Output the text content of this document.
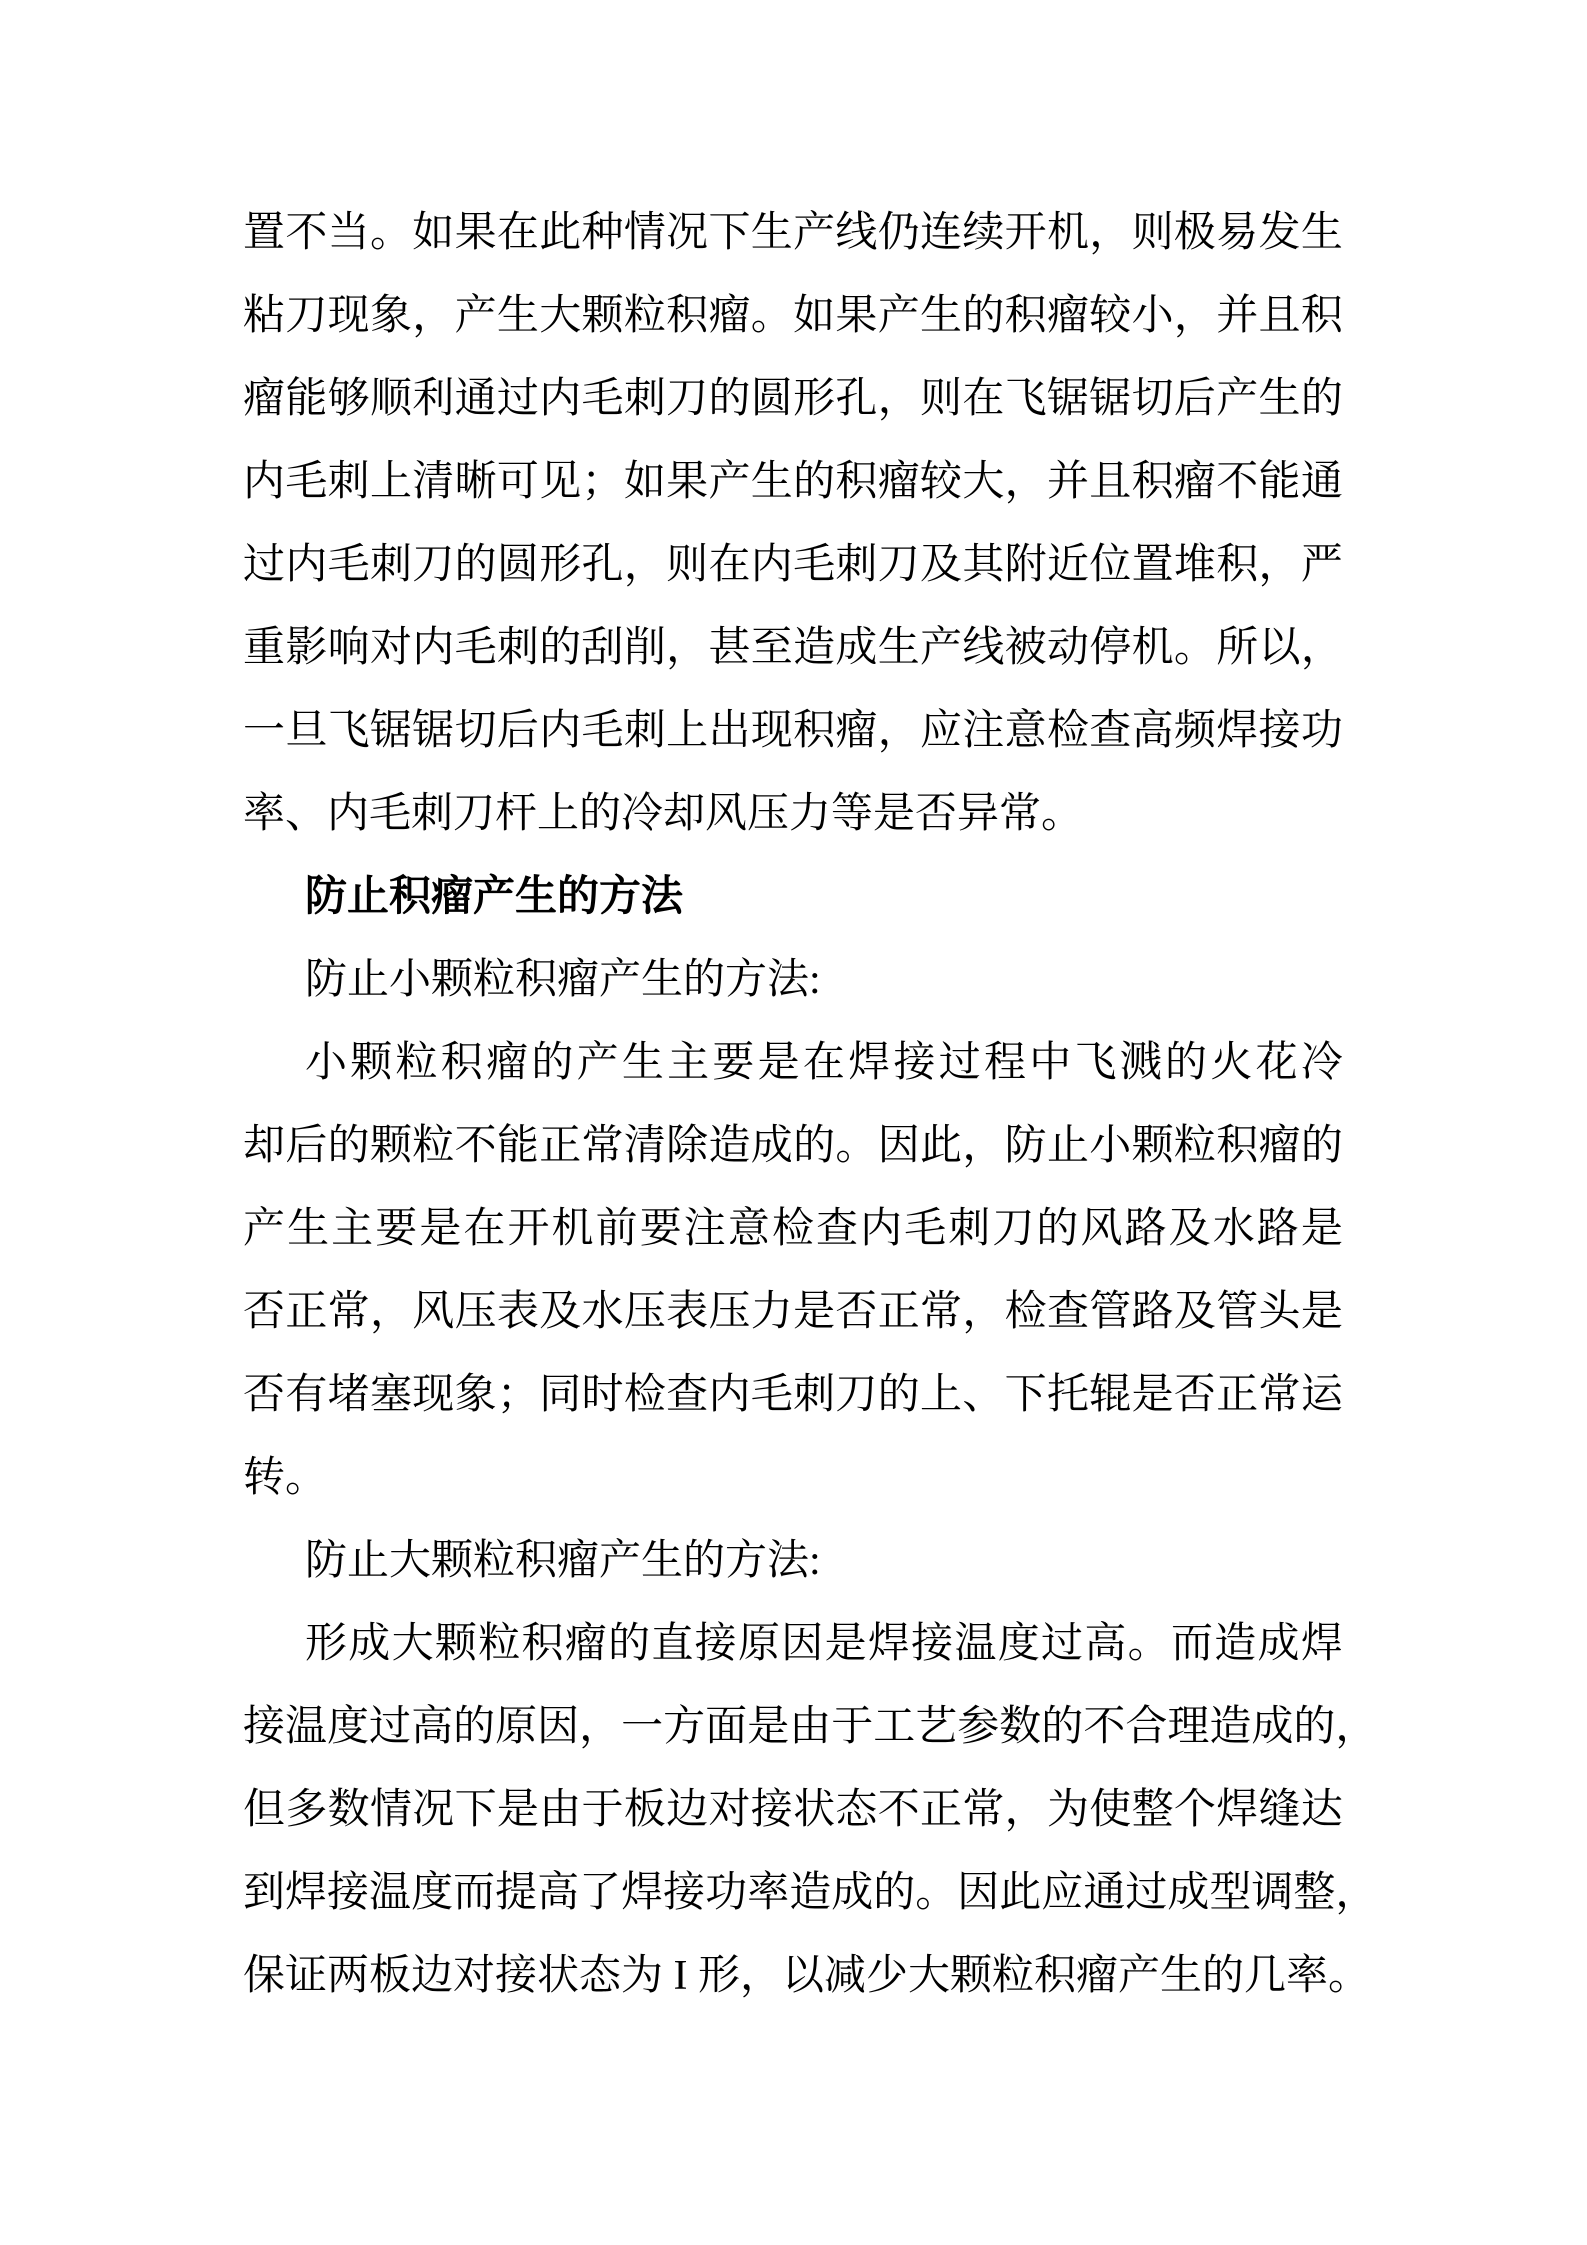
置 不 当 。 如 果 在 此 种 情 况 下 生 产 线 仍 连 续 开 机 ， 则 极 易 发 生
粘 刀 现 象 ， 产 生 大 颗 粒 积 瘤 。 如 果 产 生 的 积 瘤 较 小 ， 并 且 积
瘤 能 够 顺 利 通 过 内 毛 刺 刀 的 圆 形 孔 ， 则 在 飞 锯 锯 切 后 产 生 的
内 毛 刺 上 清 晰 可 见 ； 如 果 产 生 的 积 瘤 较 大 ， 并 且 积 瘤 不 能 通
过 内 毛 刺 刀 的 圆 形 孔 ， 则 在 内 毛 刺 刀 及 其 附 近 位 置 堆 积 ， 严
重 影 响 对 内 毛 刺 的 刮 削 ， 甚 至 造 成 生 产 线 被 动 停 机 。 所 以 ，
一 旦 飞 锯 锯 切 后 内 毛 刺 上 出 现 积 瘤 ， 应 注 意 检 查 高 频 焊 接 功
率、内毛刺刀杆上的冷却风压力等是否异常。
防止积瘤产生的方法
防止小颗粒积瘤产生的方法:
小 颗 粒 积 瘤 的 产 生 主 要 是 在 焊 接 过 程 中 飞 溅 的 火 花 冷
却 后 的 颗 粒 不 能 正 常 清 除 造 成 的 。 因 此 ， 防 止 小 颗 粒 积 瘤 的
产 生 主 要 是 在 开 机 前 要 注 意 检 查 内 毛 刺 刀 的 风 路 及 水 路 是
否 正 常 ， 风 压 表 及 水 压 表 压 力 是 否 正 常 ， 检 查 管 路 及 管 头 是
否 有 堵 塞 现 象 ； 同 时 检 查 内 毛 刺 刀 的 上 、 下 托 辊 是 否 正 常 运
转。
防止大颗粒积瘤产生的方法:
形 成 大 颗 粒 积 瘤 的 直 接 原 因 是 焊 接 温 度 过 高 。 而 造 成 焊
接 温 度 过 高 的 原 因 ， 一 方 面 是 由 于 工 艺 参 数 的 不 合 理 造 成 的 ，
但 多 数 情 况 下 是 由 于 板 边 对 接 状 态 不 正 常 ， 为 使 整 个 焊 缝 达
到 焊 接 温 度 而 提 高 了 焊 接 功 率 造 成 的 。 因 此 应 通 过 成 型 调 整 ，
保证两板边对接状态为 I 形，以减少大颗粒积瘤产生的几率。
